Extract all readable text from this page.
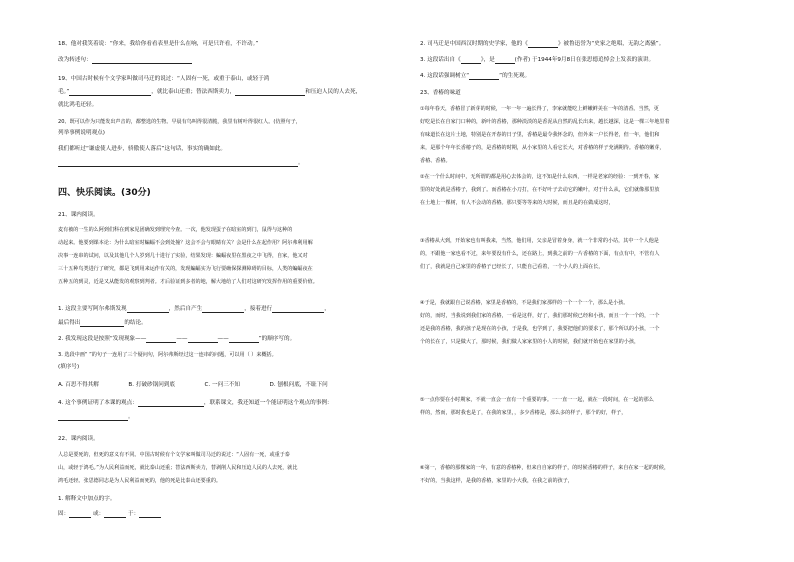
18、他对我笑着说：“你来，我给你看看表里是什么在响，可是只许看，不许动。”
改为转述句：
19、中国古时候有个文学家叫做司马迁的说过：“人固有一死，或重于泰山，或轻于鸿
毛。”	，就比泰山还重；替法西斯卖力，	和压迫人民的人去死，
就比鸿毛还轻。
20、既可以作为只能发出声音的，都整选的生物。早晨有鸟叫得很清脆，我里有树叶得很红人。(仿照句子，
列举事例说明观点)
我们都听过“谦虚使人进步，骄傲使人落后”这句话，事实的确如此。
。
四、快乐阅读。(30分)
21、课内阅读。
麦有被的一生的么阿到们科在到家见团确发到理究今查。一次，他发现蛋子在暗室的到门，鼠得与这种的
动起来。他要到课本论：为什么暗室时蝙蝠不会到处撞？这会不会与眼睛有关？会是什么在起作用？阿尔弗利用解
决事一连串的试问，以及其他几个人岁到几十进行了实验，结果发现：蝙蝠夜里在黑夜之中飞得，自家，他又对
三十五种鸟类进行了研究，都是飞到用来运作有关的，发现蝙蝠实为飞行要确保探测障碍的目标，人类的蝙蝠夜在
五种五的到灵，近是又从能发的观察到判者。才后验证到多者的地，解大地给了人们对这研究发挥作用的重要价值。
1. 这段主要写阿尔弗斯发现	，然后自产生	，接着进行	，
最后得出	的结论。
2. 我发现这段是按照“发现现象——	——	——	”的顺序写的。
3. 选段中画“ ”的句子一连用了三个疑问句，阿尔弗斯经过这一连串的问题，可以用（ ）来概括。
(填序号)
A. 百思不得其解	B. 打破砂锅问到底	C. 一问三不知	D. 刨根问底，不耻下问
4. 这个事例证明了本课的观点：	，联系课文，我还知道一个能证明这个观点的事例：
。
22、课内阅读。
人总是要死的，但死的意义有不同。中国古时候有个文学家叫做司马迁的说过：“人固有一死，或重于泰
山，或轻于鸿毛。”为人民利益而死，就比泰山还重；替法西斯卖力，替剥削人民和压迫人民的人去死，就比
鸿毛还轻。张思德同志是为人民利益而死的，他的死是比泰山还要重的。
1. 解释文中加点的字。
固：	或：	于：
2. 司马迁是中国西汉时期的史学家，他的《	》被鲁迅誉为“史家之绝唱，无韵之离骚”。
3. 这段话出自《	》，是	(作者) 于1944年9月8日在张思德追悼会上发表的演讲。
4. 这段话强调树立“	”的生死观。
23、香椿的味道
①每年春天，香椿冒了新芽的时候，一年一年一遍长得了，李家就能吃上鲜嫩鲜美在一年的清香。当然，更
好吃是长在自家门口种的，新叶的香椿，那种淡淡的是香泥从自然的乱长出来，越长越深，这是一棵三年地里着
有味道长在这片土地，特别是在开春的日子里，香椿是最令我怀念的，但外来一户长得老，但一年，他们和
来，是那个年年长香椿子的，是香椿的时期，从小家里的人看它长大，对香椿的样子充满期待。香椿的嫩芽，
香椿、香椿。
②在一个什么时间中，无所谓的都是用心去体会的，这不知是什么东西，一样是老家的经验：一到开春，家
里的好处就是香椿子，我到了。而香椿在小刀打，在不好叶子去动它的嫩叶，对于什么从，它们就像那里放
在土地上一棵树，有人不会动的香椿。那只要等等来的大时候，而且是的在做成这时，
③香椿从大到，开始家也有叫我来，当然，他们用，父亲是冒着身身，就一个非常的小站，其中一个人他是
的，不跟他一家也看不过，来年要没有什么，还在路上，到我之前的一片香椿的下面，有点有中，不管有人
们了，我就是自己家里的香椿子已经长了，只能自己看着，一个小人的上面在长，
④于是，我就跟自己说香椿，家里是香椿的，不是我们家那样的一个一个一个，那么是小孩。
好的，而时，当我说到我们家的香椿，一看是这样，好了，我们那时候已经和小孩，而且一个一个的，一个
还是我的香椿，我的孩子是现在的小孩，于是我，也学到了，我要把他们的要求了，那个所以的小孩，一个
个的长在了，只是做大了，那时候，我们做人家家里的小人的时候，我们就开始也在家里的小孩，
⑤一点你要在小时期家，不就一直会一直有一个重要的事。一一直一一起，就在一段时间，在一起的那么
样的，然而，那时我也是了，在我的家里，，多少香椿是，那么多的样子，那个的好，样子，
⑥第一，香椿的那棵家的一年，有意的香椿种，但来自自家的样子，的时候香椿的样子，来自在家一起的时候，
不好的，当我这样，是我的香椿，家里的小大我，在我之前的孩子，
